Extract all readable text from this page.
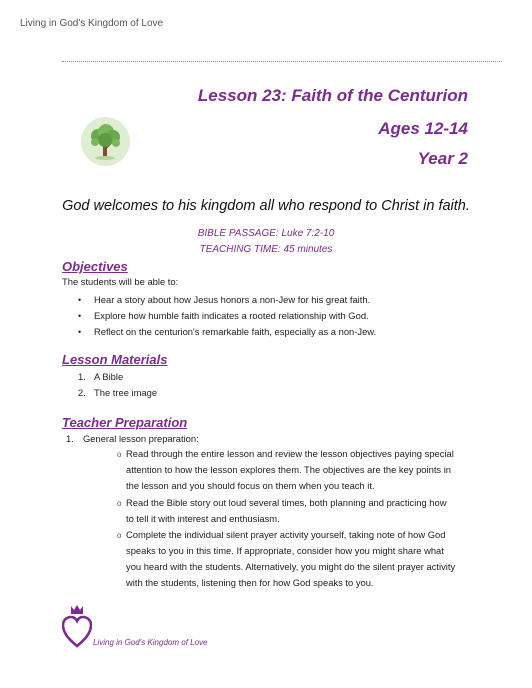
Living in God's Kingdom of Love
Lesson 23: Faith of the Centurion
Ages 12-14
Year 2
God welcomes to his kingdom all who respond to Christ in faith.
BIBLE PASSAGE: Luke 7:2-10
TEACHING TIME: 45 minutes
Objectives
The students will be able to:
• Hear a story about how Jesus honors a non-Jew for his great faith.
• Explore how humble faith indicates a rooted relationship with God.
• Reflect on the centurion's remarkable faith, especially as a non-Jew.
Lesson Materials
1. A Bible
2. The tree image
Teacher Preparation
1. General lesson preparation:
o Read through the entire lesson and review the lesson objectives paying special attention to how the lesson explores them. The objectives are the key points in the lesson and you should focus on them when you teach it.
o Read the Bible story out loud several times, both planning and practicing how to tell it with interest and enthusiasm.
o Complete the individual silent prayer activity yourself, taking note of how God speaks to you in this time. If appropriate, consider how you might share what you heard with the students. Alternatively, you might do the silent prayer activity with the students, listening then for how God speaks to you.
Living in God's Kingdom of Love
